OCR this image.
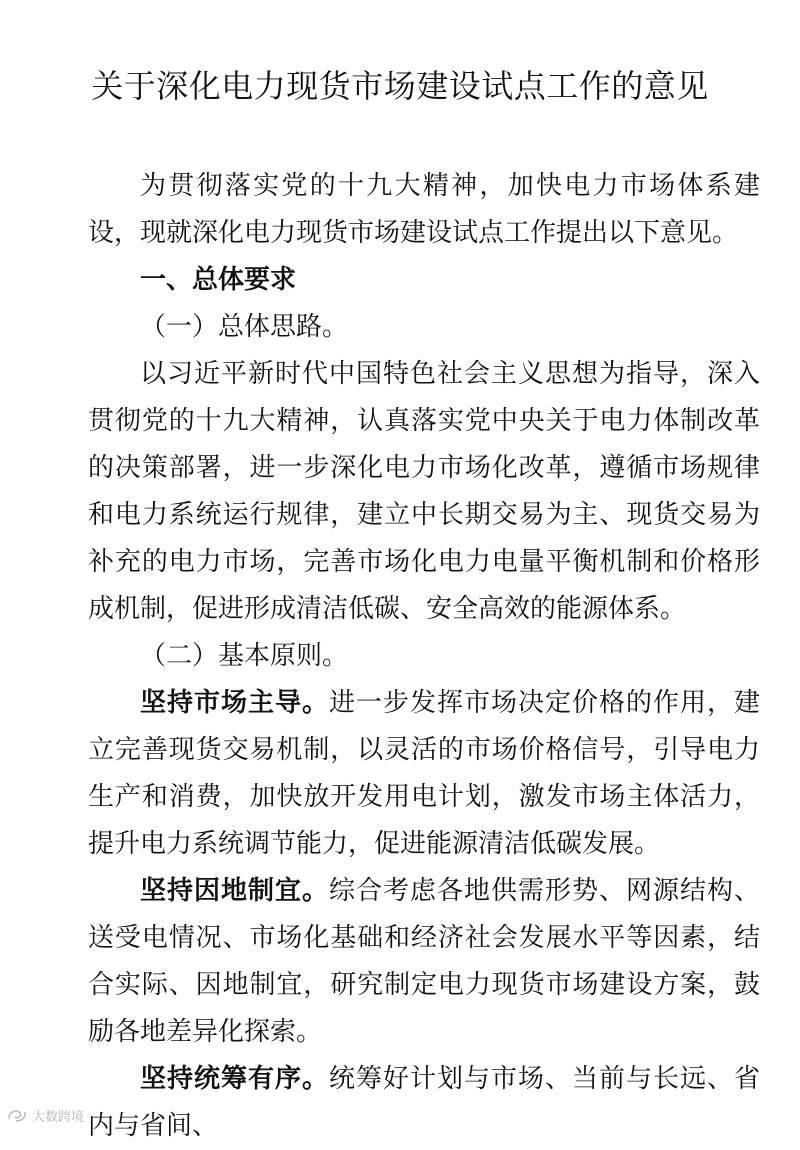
关于深化电力现货市场建设试点工作的意见

为贯彻落实党的十九大精神，加快电力市场体系建设，现就深化电力现货市场建设试点工作提出以下意见。

一、总体要求

（一）总体思路。

以习近平新时代中国特色社会主义思想为指导，深入贯彻党的十九大精神，认真落实党中央关于电力体制改革的决策部署，进一步深化电力市场化改革，遵循市场规律和电力系统运行规律，建立中长期交易为主、现货交易为补充的电力市场，完善市场化电力电量平衡机制和价格形成机制，促进形成清洁低碳、安全高效的能源体系。

（二）基本原则。

坚持市场主导。进一步发挥市场决定价格的作用，建立完善现货交易机制，以灵活的市场价格信号，引导电力生产和消费，加快放开发用电计划，激发市场主体活力，提升电力系统调节能力，促进能源清洁低碳发展。

坚持因地制宜。综合考虑各地供需形势、网源结构、送受电情况、市场化基础和经济社会发展水平等因素，结合实际、因地制宜，研究制定电力现货市场建设方案，鼓励各地差异化探索。

坚持统筹有序。统筹好计划与市场、当前与长远、省内与省间、

大数跨境
